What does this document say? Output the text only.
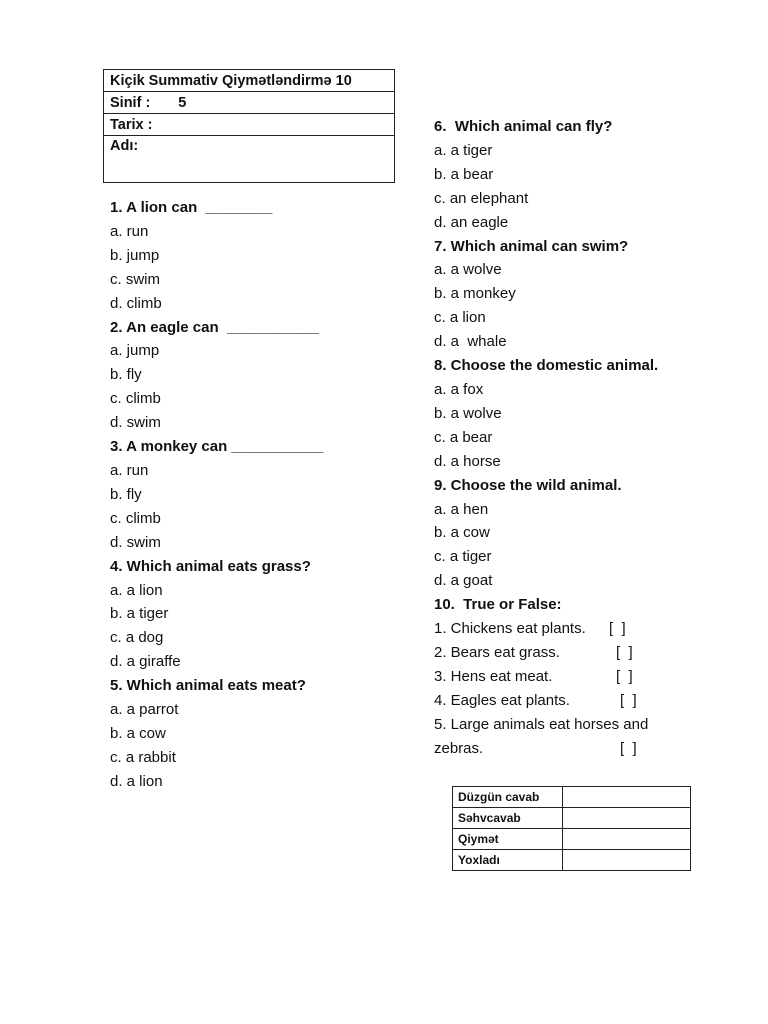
Kiçik Summativ Qiymətləndirmə 10
Sinif : 5
Tarix :
Adı:
1. A lion can  ________
a. run
b. jump
c. swim
d. climb
2. An eagle can  ___________
a. jump
b. fly
c. climb
d. swim
3. A monkey can ___________
a. run
b. fly
c. climb
d. swim
4. Which animal eats grass?
a. a lion
b. a tiger
c. a dog
d. a giraffe
5. Which animal eats meat?
a. a parrot
b. a cow
c. a rabbit
d. a lion
6.  Which animal can fly?
a. a tiger
b. a bear
c. an elephant
d. an eagle
7. Which animal can swim?
a. a wolve
b. a monkey
c. a lion
d. a  whale
8. Choose the domestic animal.
a. a fox
b. a wolve
c. a bear
d. a horse
9. Choose the wild animal.
a. a hen
b. a cow
c. a tiger
d. a goat
10.  True or False:
1. Chickens eat plants. [  ]
2. Bears eat grass.	[  ]
3. Hens eat meat.	[  ]
4. Eagles eat plants.	[  ]
5. Large animals eat horses and
zebras.	[  ]
Düzgün cavab	
Səhvcavab	
Qiymət	
Yoxladı	
